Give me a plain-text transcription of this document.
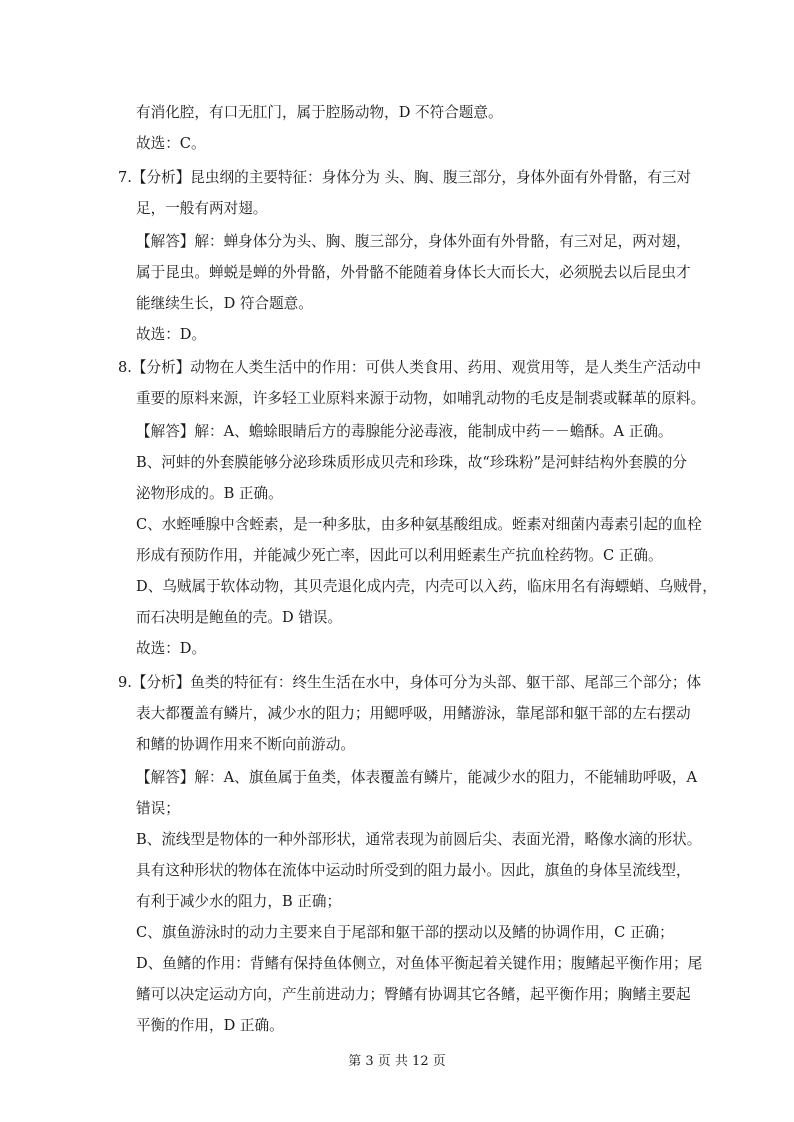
有消化腔，有口无肛门，属于腔肠动物，D 不符合题意。
故选：C。
7.【分析】昆虫纲的主要特征：身体分为 头、胸、腹三部分，身体外面有外骨骼，有三对
足，一般有两对翅。
【解答】解：蝉身体分为头、胸、腹三部分，身体外面有外骨骼，有三对足，两对翅，
属于昆虫。蝉蜕是蝉的外骨骼，外骨骼不能随着身体长大而长大，必须脱去以后昆虫才
能继续生长，D 符合题意。
故选：D。
8.【分析】动物在人类生活中的作用：可供人类食用、药用、观赏用等，是人类生产活动中
重要的原料来源，许多轻工业原料来源于动物，如哺乳动物的毛皮是制裘或鞣革的原料。
【解答】解：A、蟾蜍眼睛后方的毒腺能分泌毒液，能制成中药－－蟾酥。A 正确。
B、河蚌的外套膜能够分泌珍珠质形成贝壳和珍珠，故“珍珠粉”是河蚌结构外套膜的分
泌物形成的。B 正确。
C、水蛭唾腺中含蛭素，是一种多肽，由多种氨基酸组成。蛭素对细菌内毒素引起的血栓
形成有预防作用，并能减少死亡率，因此可以利用蛭素生产抗血栓药物。C 正确。
D、乌贼属于软体动物，其贝壳退化成内壳，内壳可以入药，临床用名有海螵蛸、乌贼骨，
而石决明是鲍鱼的壳。D 错误。
故选：D。
9.【分析】鱼类的特征有：终生生活在水中，身体可分为头部、躯干部、尾部三个部分；体
表大都覆盖有鳞片，减少水的阻力；用鳃呼吸，用鳍游泳，靠尾部和躯干部的左右摆动
和鳍的协调作用来不断向前游动。
【解答】解：A、旗鱼属于鱼类，体表覆盖有鳞片，能减少水的阻力，不能辅助呼吸，A
错误；
B、流线型是物体的一种外部形状，通常表现为前圆后尖、表面光滑，略像水滴的形状。
具有这种形状的物体在流体中运动时所受到的阻力最小。因此，旗鱼的身体呈流线型，
有利于减少水的阻力，B 正确；
C、旗鱼游泳时的动力主要来自于尾部和躯干部的摆动以及鳍的协调作用，C 正确；
D、鱼鳍的作用：背鳍有保持鱼体侧立，对鱼体平衡起着关键作用；腹鳍起平衡作用；尾
鳍可以决定运动方向，产生前进动力；臀鳍有协调其它各鳍，起平衡作用；胸鳍主要起
平衡的作用，D 正确。
第 3 页 共 12 页
